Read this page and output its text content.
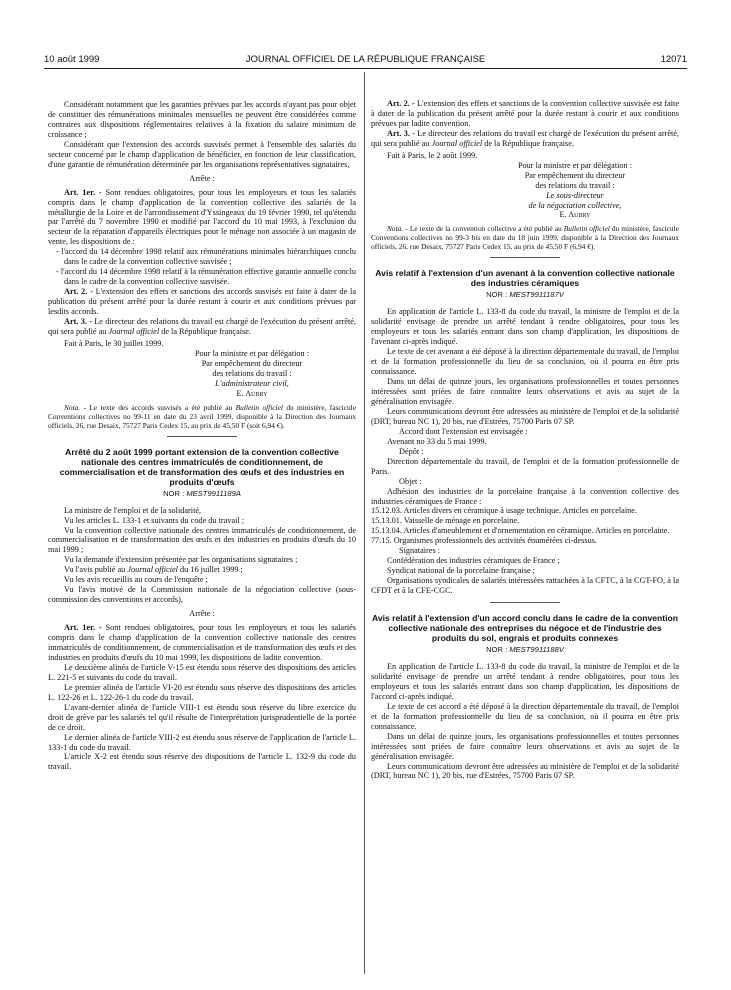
10 août 1999	JOURNAL OFFICIEL DE LA RÉPUBLIQUE FRANÇAISE	12071

Considérant notamment que les garanties prévues par les accords n'ayant pas pour objet de constituer des rémunérations minimales mensuelles ne peuvent être considérées comme contraires aux dispositions réglementaires relatives à la fixation du salaire minimum de croissance ;

Considérant que l'extension des accords susvisés permet à l'ensemble des salariés du secteur concerné par le champ d'application de bénéficier, en fonction de leur classification, d'une garantie de rémunération déterminée par les organisations représentatives signataires,

Arrête :

Art. 1er. - Sont rendues obligatoires, pour tous les employeurs et tous les salariés compris dans le champ d'application de la convention collective des salariés de la métallurgie de la Loire et de l'arrondissement d'Yssingeaux du 19 février 1990, tel qu'étendu par l'arrêté du 7 novembre 1990 et modifié par l'accord du 10 mai 1993, à l'exclusion du secteur de la réparation d'appareils électriques pour le ménage non associée à un magasin de vente, les dispositions de :

- l'accord du 14 décembre 1998 relatif aux rémunérations minimales hiérarchiques conclu dans le cadre de la convention collective susvisée ;

- l'accord du 14 décembre 1998 relatif à la rémunération effective garantie annuelle conclu dans le cadre de la convention collective susvisée.

Art. 2. - L'extension des effets et sanctions des accords susvisés est faite à dater de la publication du présent arrêté pour la durée restant à courir et aux conditions prévues par lesdits accords.

Art. 3. - Le directeur des relations du travail est chargé de l'exécution du présent arrêté, qui sera publié au Journal officiel de la République française.

Fait à Paris, le 30 juillet 1999.

Pour la ministre et par délégation :

Par empêchement du directeur

des relations du travail :

L'administrateur civil,

E. Aubry

Nota. - Le texte des accords susvisés a été publié au Bulletin officiel du ministère, fascicule Conventions collectives no 99-11 en date du 23 avril 1999, disponible à la Direction des Journaux officiels, 26, rue Desaix, 75727 Paris Cedex 15, au prix de 45,50 F (soit 6,94 €).

Arrêté du 2 août 1999 portant extension de la convention collective nationale des centres immatriculés de conditionnement, de commercialisation et de transformation des œufs et des industries en produits d'œufs

NOR : MEST9911189A

La ministre de l'emploi et de la solidarité,

Vu les articles L. 133-1 et suivants du code du travail ;

Vu la convention collective nationale des centres immatriculés de conditionnement, de commercialisation et de transformation des œufs et des industries en produits d'œufs du 10 mai 1999 ;

Vu la demande d'extension présentée par les organisations signataires ;

Vu l'avis publié au Journal officiel du 16 juillet 1999 ;

Vu les avis recueillis au cours de l'enquête ;

Vu l'avis motivé de la Commission nationale de la négociation collective (sous-commission des conventions et accords),

Arrête :

Art. 1er. - Sont rendues obligatoires, pour tous les employeurs et tous les salariés compris dans le champ d'application de la convention collective nationale des centres immatriculés de conditionnement, de commercialisation et de transformation des œufs et des industries en produits d'œufs du 10 mai 1999, les dispositions de ladite convention.

Le deuxième alinéa de l'article V-15 est étendu sous réserve des dispositions des articles L. 221-5 et suivants du code du travail.

Le premier alinéa de l'article VI-20 est étendu sous réserve des dispositions des articles L. 122-26 et L. 122-26-1 du code du travail.

L'avant-dernier alinéa de l'article VIII-1 est étendu sous réserve du libre exercice du droit de grève par les salariés tel qu'il résulte de l'interprétation jurisprudentielle de la portée de ce droit.

Le dernier alinéa de l'article VIII-2 est étendu sous réserve de l'application de l'article L. 133-1 du code du travail.

L'article X-2 est étendu sous réserve des dispositions de l'article L. 132-9 du code du travail.

Art. 2. - L'extension des effets et sanctions de la convention collective susvisée est faite à dater de la publication du présent arrêté pour la durée restant à courir et aux conditions prévues par ladite convention.

Art. 3. - Le directeur des relations du travail est chargé de l'exécution du présent arrêté, qui sera publié au Journal officiel de la République française.

Fait à Paris, le 2 août 1999.

Pour la ministre et par délégation :

Par empêchement du directeur

des relations du travail :

Le sous-directeur

de la négociation collective,

E. Aubry

Nota. - Le texte de la convention collective a été publié au Bulletin officiel du ministère, fascicule Conventions collectives no 99-3 bis en date du 18 juin 1999, disponible à la Direction des Journaux officiels, 26, rue Desaix, 75727 Paris Cedex 15, au prix de 45,50 F (6,94 €).

Avis relatif à l'extension d'un avenant à la convention collective nationale des industries céramiques

NOR : MEST9911187V

En application de l'article L. 133-8 du code du travail, la ministre de l'emploi et de la solidarité envisage de prendre un arrêté tendant à rendre obligatoires, pour tous les employeurs et tous les salariés entrant dans son champ d'application, les dispositions de l'avenant ci-après indiqué.

Le texte de cet avenant a été déposé à la direction départementale du travail, de l'emploi et de la formation professionnelle du lieu de sa conclusion, où il pourra en être pris connaissance.

Dans un délai de quinze jours, les organisations professionnelles et toutes personnes intéressées sont priées de faire connaître leurs observations et avis au sujet de la généralisation envisagée.

Leurs communications devront être adressées au ministère de l'emploi et de la solidarité (DRT, bureau NC 1), 20 bis, rue d'Estrées, 75700 Paris 07 SP.

Accord dont l'extension est envisagée :

Avenant no 33 du 5 mai 1999.

Dépôt :

Direction départementale du travail, de l'emploi et de la formation professionnelle de Paris.

Objet :

Adhésion des industries de la porcelaine française à la convention collective des industries céramiques de France :

15.12.03. Articles divers en céramique à usage technique. Articles en porcelaine.

15.13.01. Vaisselle de ménage en porcelaine.

15.13.04. Articles d'ameublement et d'ornementation en céramique. Articles en porcelaine.

77.15. Organismes professionnels des activités énumérées ci-dessus.

Signataires :

Confédération des industries céramiques de France ;

Syndicat national de la porcelaine française ;

Organisations syndicales de salariés intéressées rattachées à la CFTC, à la CGT-FO, à la CFDT et à la CFE-CGC.

Avis relatif à l'extension d'un accord conclu dans le cadre de la convention collective nationale des entreprises du négoce et de l'industrie des produits du sol, engrais et produits connexes

NOR : MEST9911188V

En application de l'article L. 133-8 du code du travail, la ministre de l'emploi et de la solidarité envisage de prendre un arrêté tendant à rendre obligatoires, pour tous les employeurs et tous les salariés entrant dans son champ d'application, les dispositions de l'accord ci-après indiqué.

Le texte de cet accord a été déposé à la direction départementale du travail, de l'emploi et de la formation professionnelle du lieu de sa conclusion, où il pourra en être pris connaissance.

Dans un délai de quinze jours, les organisations professionnelles et toutes personnes intéressées sont priées de faire connaître leurs observations et avis au sujet de la généralisation envisagée.

Leurs communications devront être adressées au ministère de l'emploi et de la solidarité (DRT, bureau NC 1), 20 bis, rue d'Estrées, 75700 Paris 07 SP.
